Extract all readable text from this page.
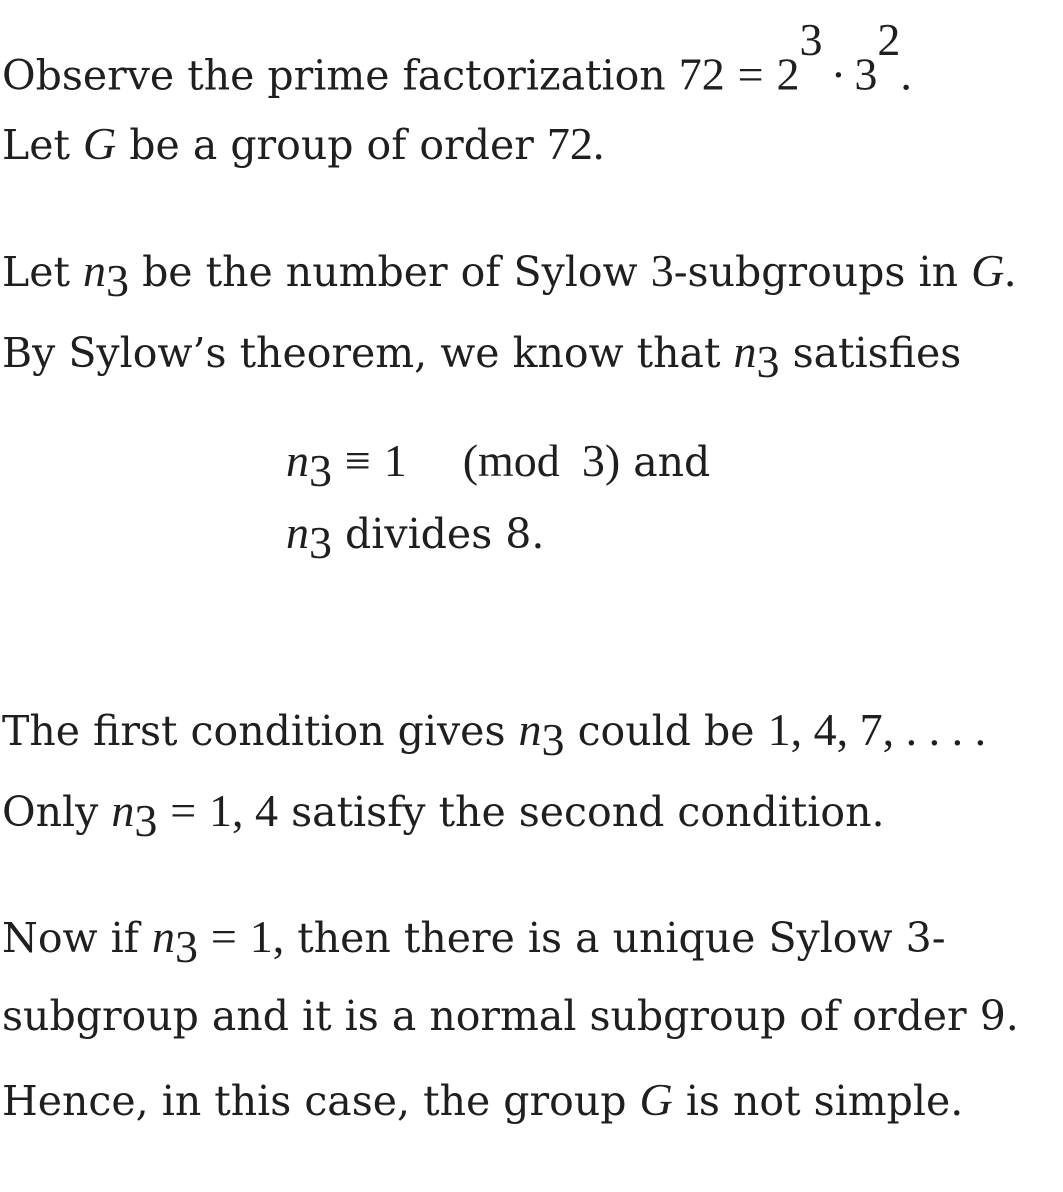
Observe the prime factorization $72 = 2^3\cdot 3^2$.
Let G be a group of order 72.
Let $n_3$ be the number of Sylow 3-subgroups in G.
By Sylow’s theorem, we know that $n_3$ satisfies
$n_3 \equiv 1$ (mod 3) and
$n_3$ divides 8.
The first condition gives $n_3$ could be 1, 4, 7, . . . .
Only $n_3 = 1$, 4 satisfy the second condition.
Now if $n_3 = 1$, then there is a unique Sylow 3-
subgroup and it is a normal subgroup of order 9.
Hence, in this case, the group G is not simple.
